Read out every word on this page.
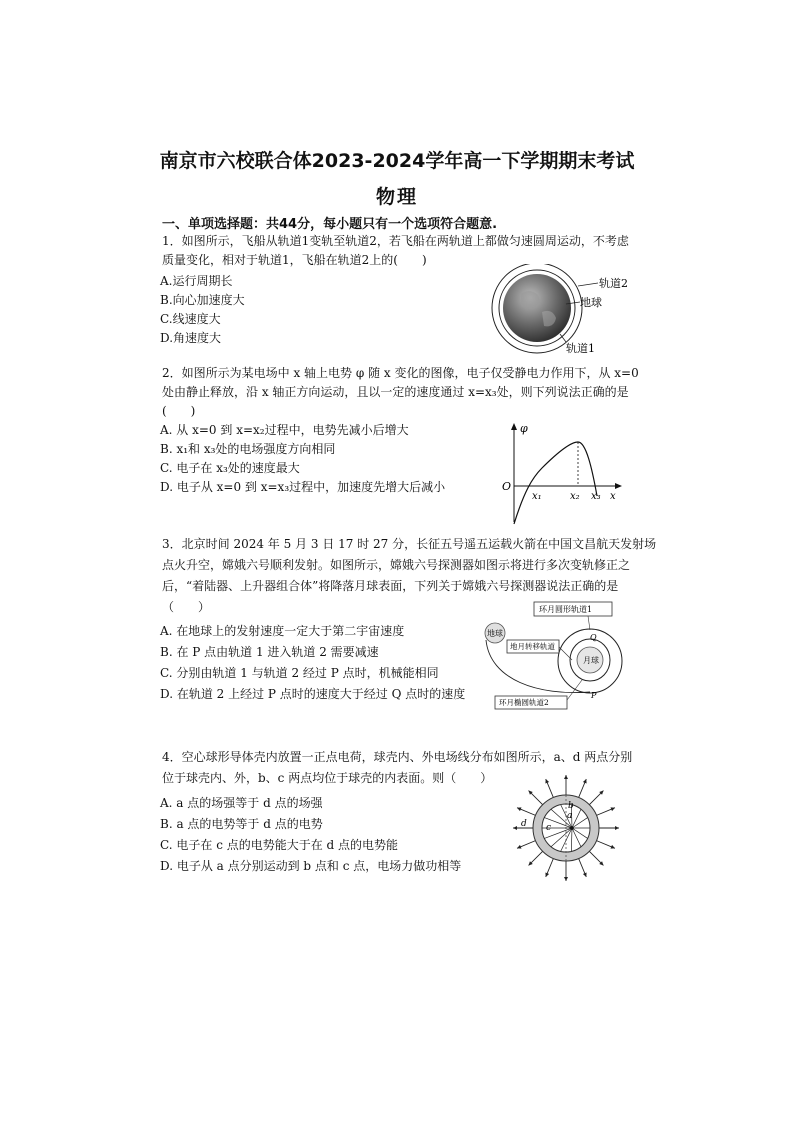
南京市六校联合体2023-2024学年高一下学期期末考试
物理
一、单项选择题：共44分，每小题只有一个选项符合题意.
1．如图所示，飞船从轨道1变轨至轨道2，若飞船在两轨道上都做匀速圆周运动，不考虑
质量变化，相对于轨道1，飞船在轨道2上的(　　)
A.运行周期长
B.向心加速度大
C.线速度大
D.角速度大
轨道2
地球
轨道1
2．如图所示为某电场中 x 轴上电势 φ 随 x 变化的图像，电子仅受静电力作用下，从 x=0
处由静止释放，沿 x 轴正方向运动，且以一定的速度通过 x=x₃处，则下列说法正确的是
(　　)
A. 从 x=0 到 x=x₂过程中，电势先减小后增大
B. x₁和 x₃处的电场强度方向相同
C. 电子在 x₃处的速度最大
D. 电子从 x=0 到 x=x₃过程中，加速度先增大后减小
φ
O
x₁	x₂ x₃ x
3．北京时间 2024 年 5 月 3 日 17 时 27 分，长征五号遥五运载火箭在中国文昌航天发射场
点火升空，嫦娥六号顺利发射。如图所示，嫦娥六号探测器如图示将进行多次变轨修正之
后，“着陆器、上升器组合体”将降落月球表面，下列关于嫦娥六号探测器说法正确的是
（　　）
A. 在地球上的发射速度一定大于第二宇宙速度
B. 在 P 点由轨道 1 进入轨道 2 需要减速
C. 分别由轨道 1 与轨道 2 经过 P 点时，机械能相同
D. 在轨道 2 上经过 P 点时的速度大于经过 Q 点时的速度
环月圆形轨道1
月球
地球
地月转移轨道
Q
P
环月椭圆轨道2
4．空心球形导体壳内放置一正点电荷，球壳内、外电场线分布如图所示，a、d 两点分别
位于球壳内、外，b、c 两点均位于球壳的内表面。则（　　）
A. a 点的场强等于 d 点的场强
B. a 点的电势等于 d 点的电势
C. 电子在 c 点的电势能大于在 d 点的电势能
D. 电子从 a 点分别运动到 b 点和 c 点，电场力做功相等
a
b
c
d
